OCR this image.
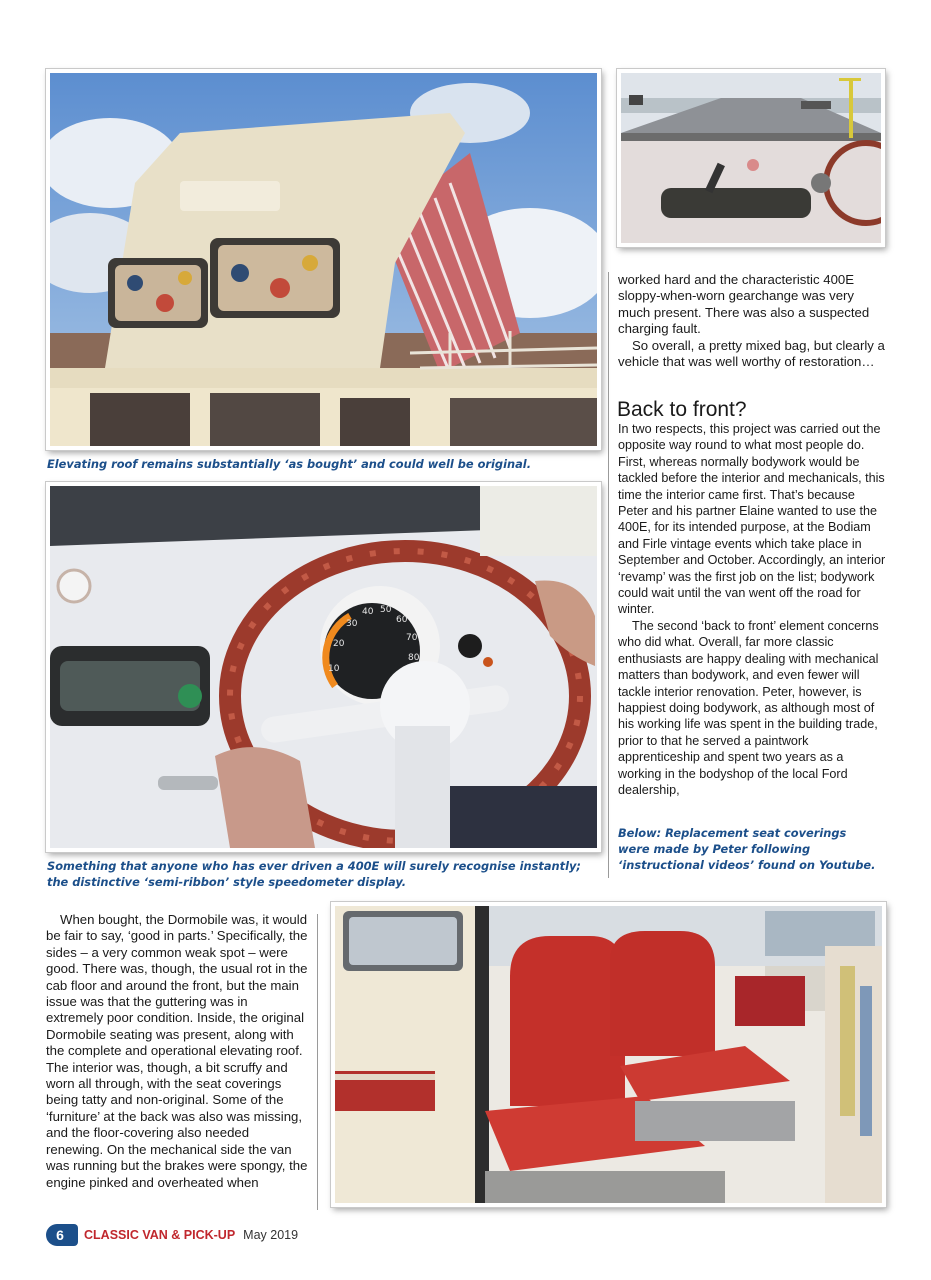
Elevating roof remains substantially ‘as bought’ and could well be original.

worked hard and the characteristic 400E sloppy-when-worn gearchange was very much present. There was also a suspected charging fault.

So overall, a pretty mixed bag, but clearly a vehicle that was well worthy of restoration…

Back to front?

In two respects, this project was carried out the opposite way round to what most people do. First, whereas normally bodywork would be tackled before the interior and mechanicals, this time the interior came first. That’s because Peter and his partner Elaine wanted to use the 400E, for its intended purpose, at the Bodiam and Firle vintage events which take place in September and October. Accordingly, an interior ‘revamp’ was the first job on the list; bodywork could wait until the van went off the road for winter.

The second ‘back to front’ element concerns who did what. Overall, far more classic enthusiasts are happy dealing with mechanical matters than bodywork, and even fewer will tackle interior renovation. Peter, however, is happiest doing bodywork, as although most of his working life was spent in the building trade, prior to that he served a paintwork apprenticeship and spent two years as a working in the bodyshop of the local Ford dealership,

10
20
30
40 50
60
70
80

Something that anyone who has ever driven a 400E will surely recognise instantly; the distinctive ‘semi-ribbon’ style speedometer display.

Below: Replacement seat coverings were made by Peter following ‘instructional videos’ found on Youtube.

When bought, the Dormobile was, it would be fair to say, ‘good in parts.’ Specifically, the sides – a very common weak spot – were good. There was, though, the usual rot in the cab floor and around the front, but the main issue was that the guttering was in extremely poor condition. Inside, the original Dormobile seating was present, along with the complete and operational elevating roof. The interior was, though, a bit scruffy and worn all through, with the seat coverings being tatty and non-original. Some of the ‘furniture’ at the back was also was missing, and the floor-covering also needed renewing. On the mechanical side the van was running but the brakes were spongy, the engine pinked and overheated when

6	CLASSIC VAN & PICK-UP May 2019
